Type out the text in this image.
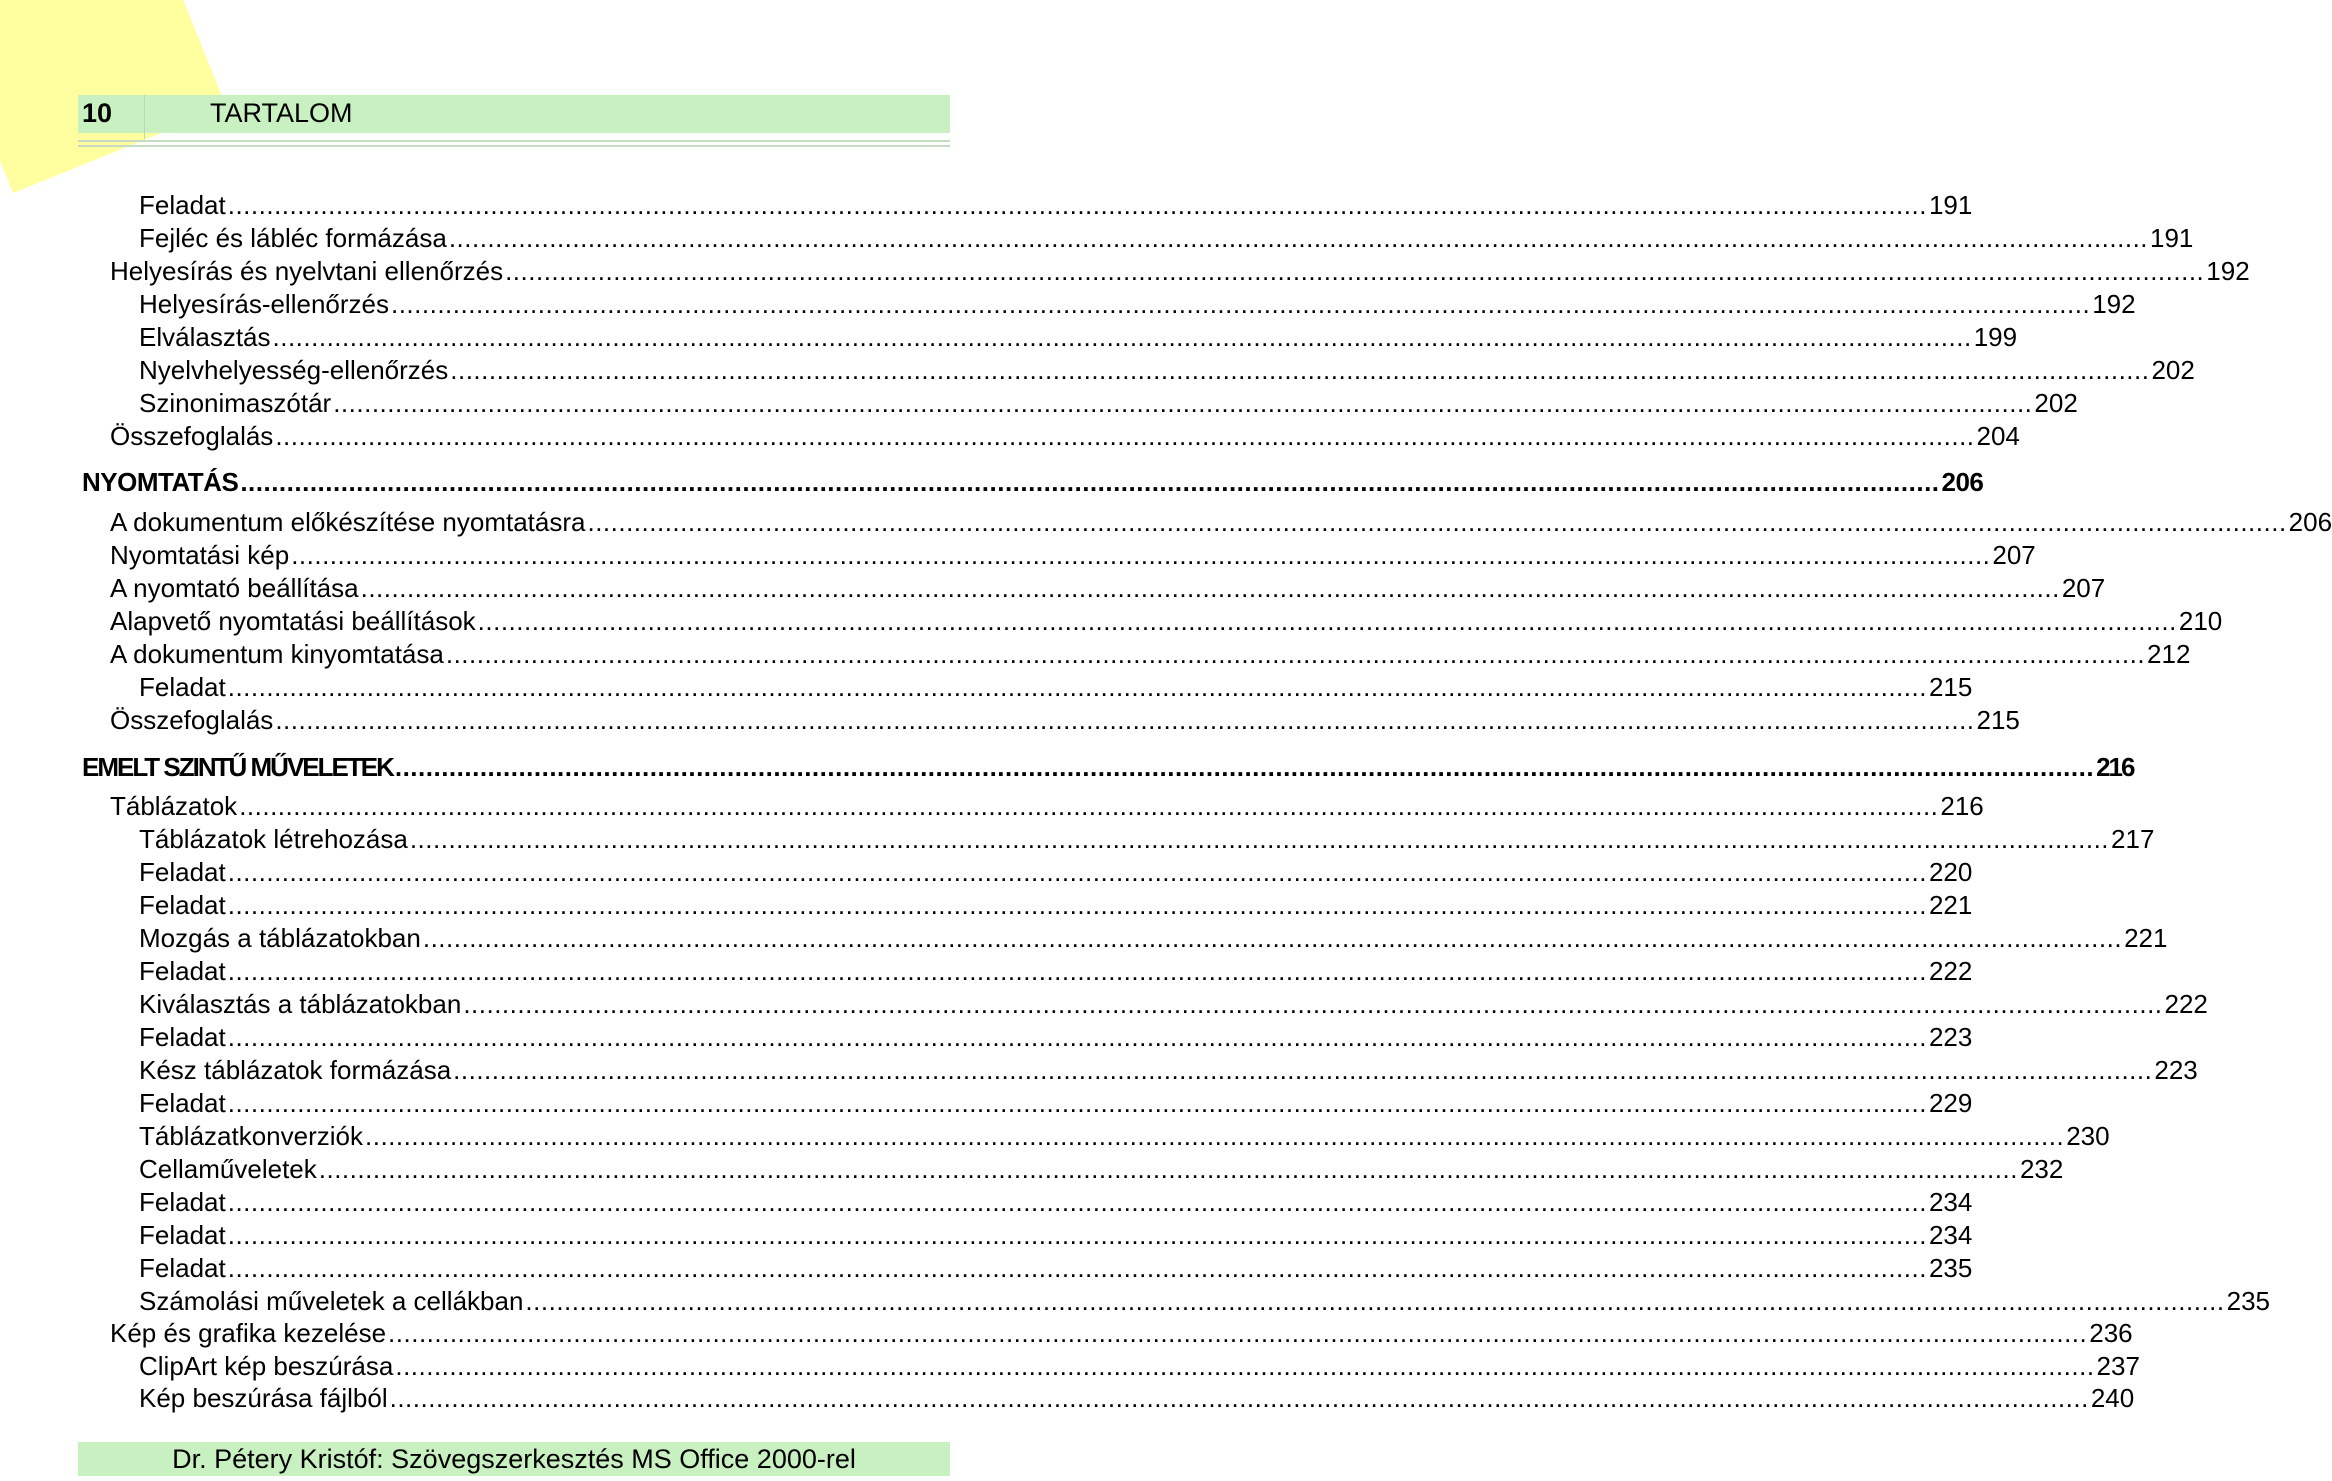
10	TARTALOM
Feladat ............................................................................................................................................................................................................................ 191
Fejléc és lábléc formázása ............................................................................................................................................................................................................................ 191
Helyesírás és nyelvtani ellenőrzés ............................................................................................................................................................................................................................ 192
Helyesírás-ellenőrzés ............................................................................................................................................................................................................................ 192
Elválasztás ............................................................................................................................................................................................................................ 199
Nyelvhelyesség-ellenőrzés ............................................................................................................................................................................................................................ 202
Szinonimaszótár ............................................................................................................................................................................................................................ 202
Összefoglalás ............................................................................................................................................................................................................................ 204
NYOMTATÁS ............................................................................................................................................................................................................................ 206
A dokumentum előkészítése nyomtatásra ............................................................................................................................................................................................................................ 206
Nyomtatási kép ............................................................................................................................................................................................................................ 207
A nyomtató beállítása ............................................................................................................................................................................................................................ 207
Alapvető nyomtatási beállítások ............................................................................................................................................................................................................................ 210
A dokumentum kinyomtatása ............................................................................................................................................................................................................................ 212
Feladat ............................................................................................................................................................................................................................ 215
Összefoglalás ............................................................................................................................................................................................................................ 215
EMELT SZINTŰ MŰVELETEK ............................................................................................................................................................................................................................ 216
Táblázatok ............................................................................................................................................................................................................................ 216
Táblázatok létrehozása ............................................................................................................................................................................................................................ 217
Feladat ............................................................................................................................................................................................................................ 220
Feladat ............................................................................................................................................................................................................................ 221
Mozgás a táblázatokban ............................................................................................................................................................................................................................ 221
Feladat ............................................................................................................................................................................................................................ 222
Kiválasztás a táblázatokban ............................................................................................................................................................................................................................ 222
Feladat ............................................................................................................................................................................................................................ 223
Kész táblázatok formázása ............................................................................................................................................................................................................................ 223
Feladat ............................................................................................................................................................................................................................ 229
Táblázatkonverziók ............................................................................................................................................................................................................................ 230
Cellaműveletek ............................................................................................................................................................................................................................ 232
Feladat ............................................................................................................................................................................................................................ 234
Feladat ............................................................................................................................................................................................................................ 234
Feladat ............................................................................................................................................................................................................................ 235
Számolási műveletek a cellákban ............................................................................................................................................................................................................................ 235
Kép és grafika kezelése ............................................................................................................................................................................................................................ 236
ClipArt kép beszúrása ............................................................................................................................................................................................................................ 237
Kép beszúrása fájlból ............................................................................................................................................................................................................................ 240
Dr. Pétery Kristóf: Szövegszerkesztés MS Office 2000-rel
